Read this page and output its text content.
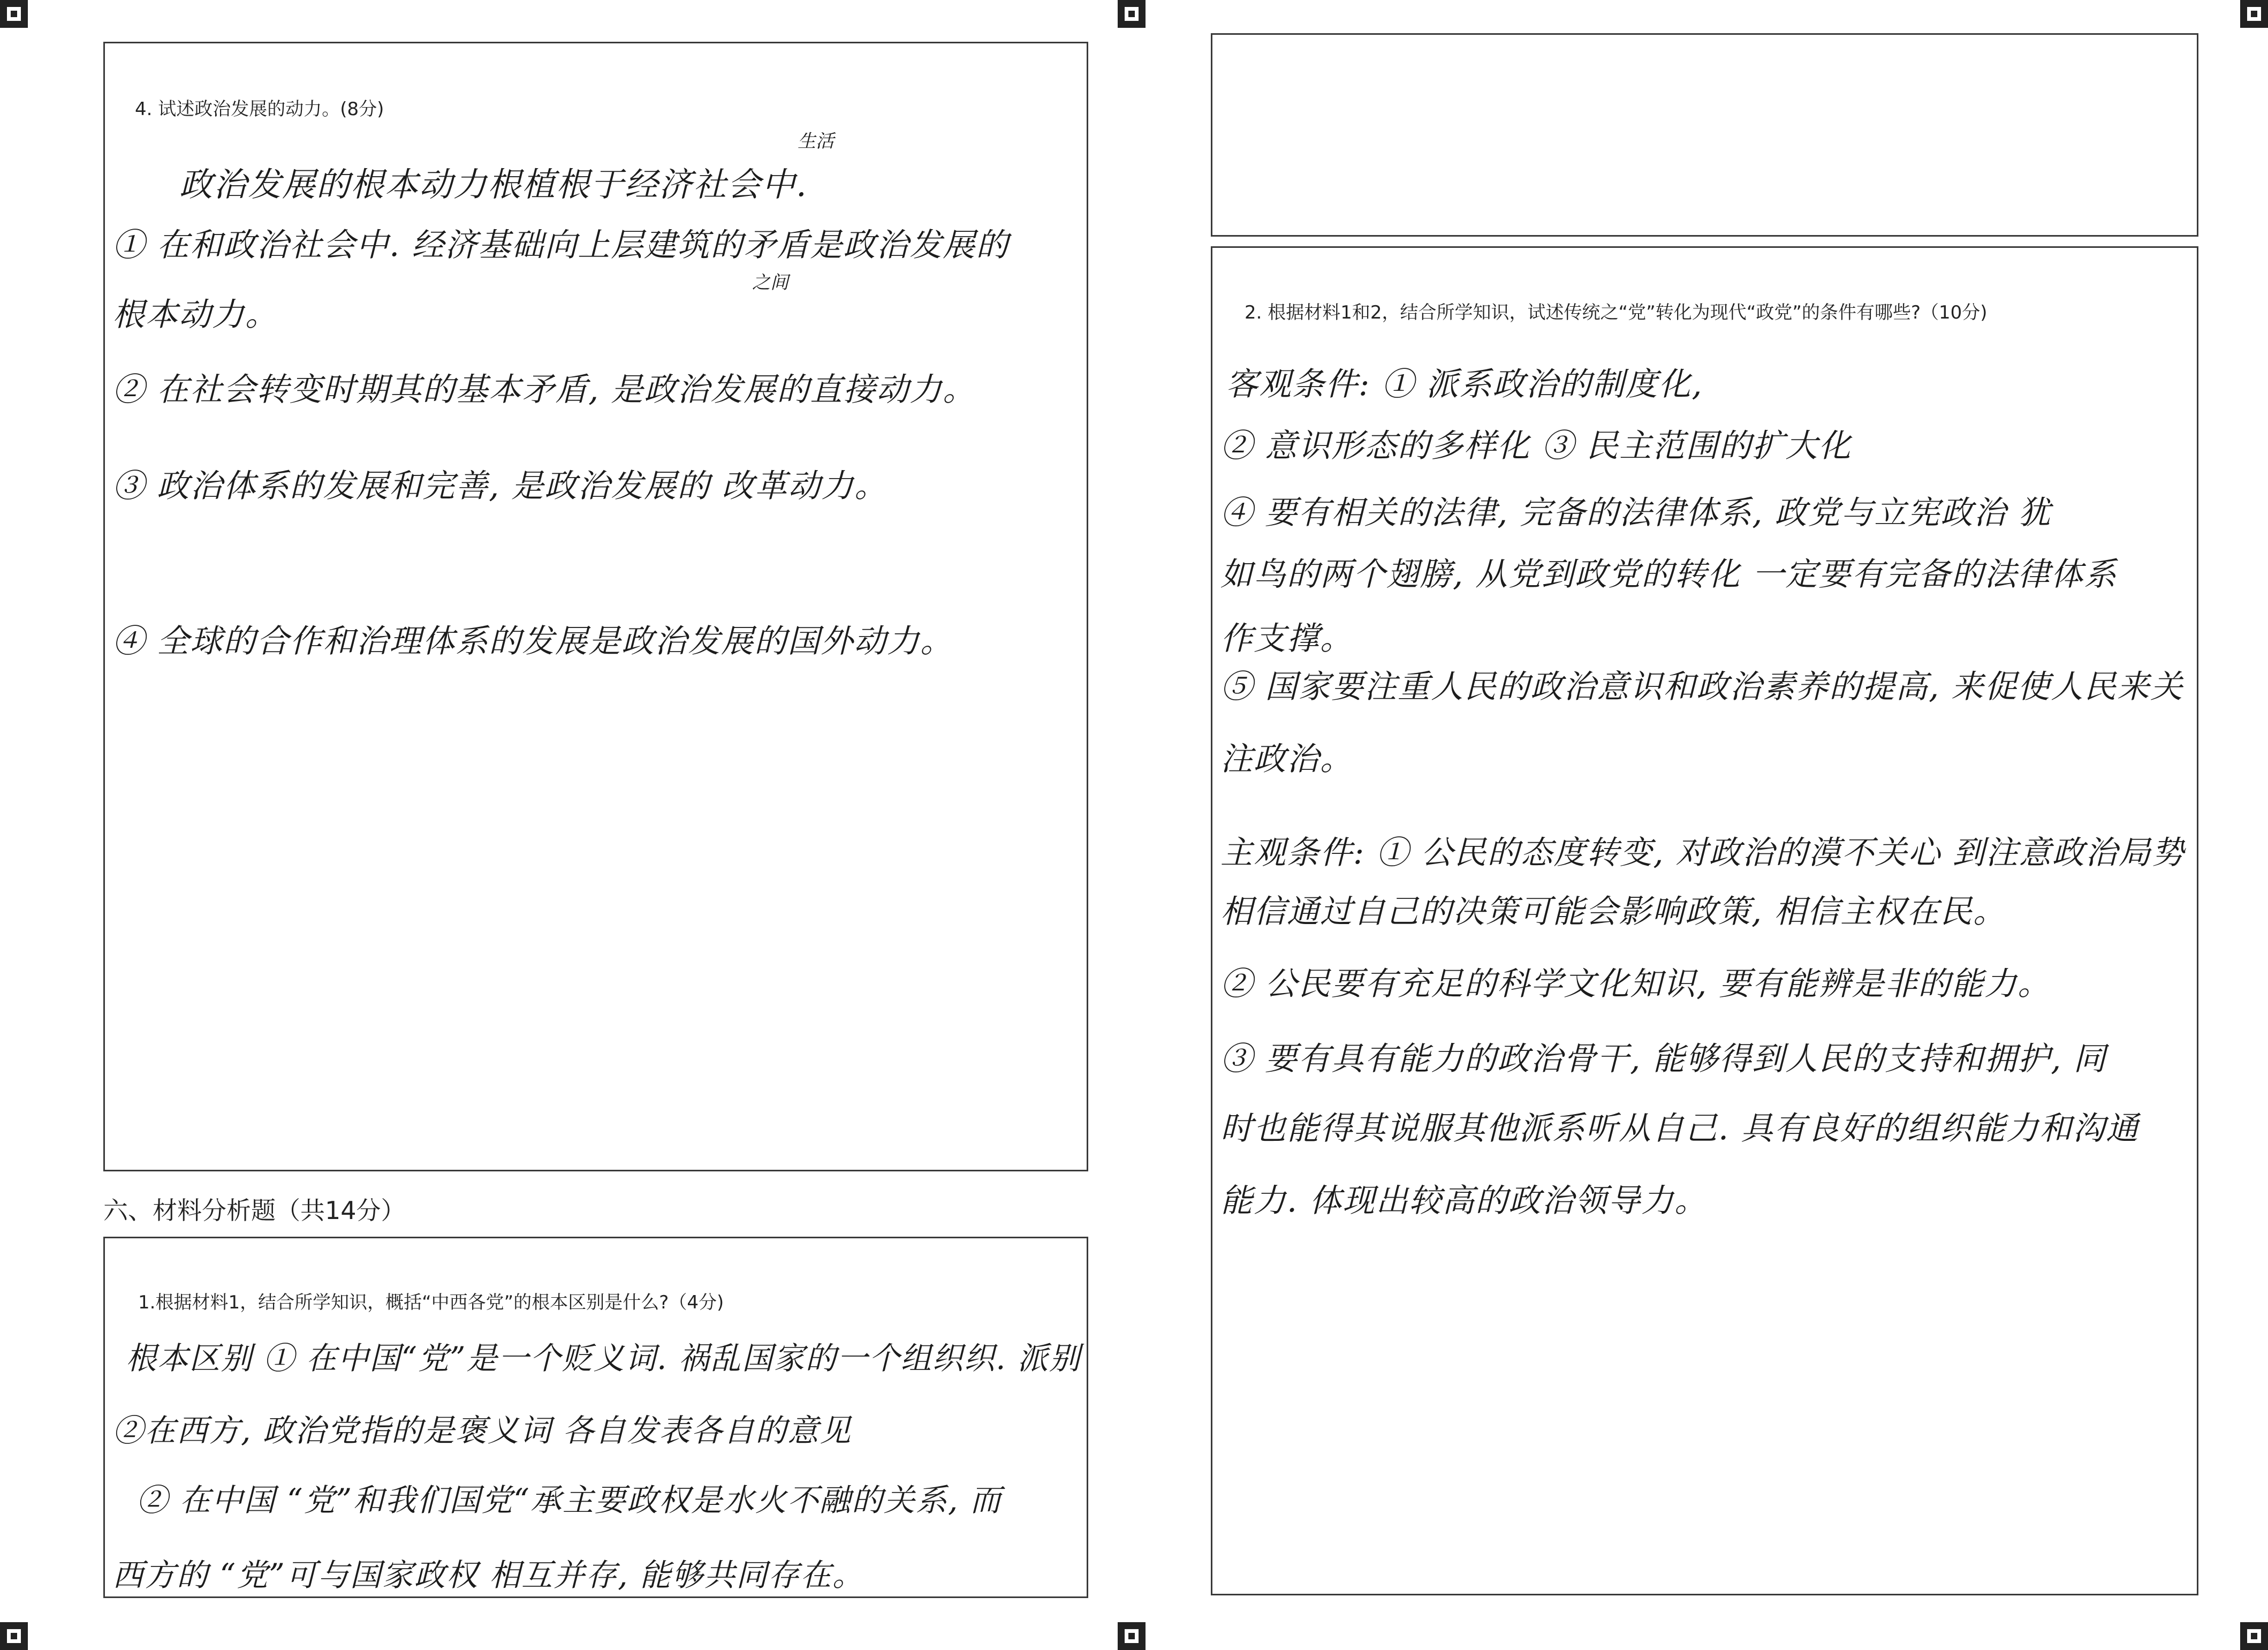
4. 试述政治发展的动力。(8分)
生活
政治发展的根本动力根植根于经济社会中.
① 在和政治社会中. 经济基础向上层建筑的矛盾是政治发展的
之间
根本动力。
② 在社会转变时期其的基本矛盾, 是政治发展的直接动力。
③ 政治体系的发展和完善, 是政治发展的 改革动力。
④ 全球的合作和治理体系的发展是政治发展的国外动力。
六、材料分析题（共14分）
1.根据材料1，结合所学知识，概括“中西各党”的根本区别是什么?（4分)
根本区别 ① 在中国“党”是一个贬义词. 祸乱国家的一个组织织. 派别
②在西方, 政治党指的是褒义词 各自发表各自的意见
② 在中国 “党”和我们国党“承主要政权是水火不融的关系, 而
西方的 “党”可与国家政权 相互并存, 能够共同存在。
2. 根据材料1和2，结合所学知识，试述传统之“党”转化为现代“政党”的条件有哪些?（10分)
客观条件: ① 派系政治的制度化,
② 意识形态的多样化 ③ 民主范围的扩大化
④ 要有相关的法律, 完备的法律体系, 政党与立宪政治 犹
如鸟的两个翅膀, 从党到政党的转化 一定要有完备的法律体系
作支撑。
⑤ 国家要注重人民的政治意识和政治素养的提高, 来促使人民来关
注政治。
主观条件: ① 公民的态度转变, 对政治的漠不关心 到注意政治局势
相信通过自己的决策可能会影响政策, 相信主权在民。
② 公民要有充足的科学文化知识, 要有能辨是非的能力。
③ 要有具有能力的政治骨干, 能够得到人民的支持和拥护, 同
时也能得其说服其他派系听从自己. 具有良好的组织能力和沟通
能力. 体现出较高的政治领导力。
